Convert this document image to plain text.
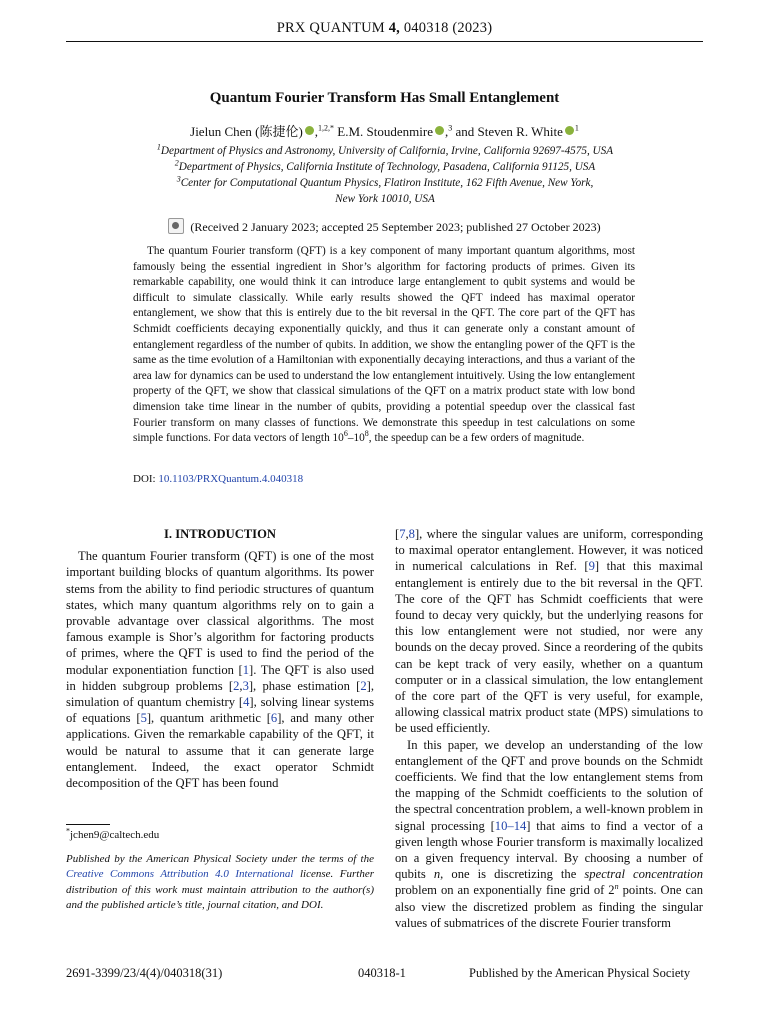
PRX QUANTUM 4, 040318 (2023)
Quantum Fourier Transform Has Small Entanglement
Jielun Chen (陈捷伦) ,$^{1,2,*}$ E.M. Stoudenmire ,$^3$ and Steven R. White $^1$
$^1$Department of Physics and Astronomy, University of California, Irvine, California 92697-4575, USA
$^2$Department of Physics, California Institute of Technology, Pasadena, California 91125, USA
$^3$Center for Computational Quantum Physics, Flatiron Institute, 162 Fifth Avenue, New York,
New York 10010, USA
(Received 2 January 2023; accepted 25 September 2023; published 27 October 2023)

The quantum Fourier transform (QFT) is a key component of many important quantum algorithms, most famously being the essential ingredient in Shor’s algorithm for factoring products of primes. Given its remarkable capability, one would think it can introduce large entanglement to qubit systems and would be difficult to simulate classically. While early results showed the QFT indeed has maximal operator entanglement, we show that this is entirely due to the bit reversal in the QFT. The core part of the QFT has Schmidt coefficients decaying exponentially quickly, and thus it can generate only a constant amount of entanglement regardless of the number of qubits. In addition, we show the entangling power of the QFT is the same as the time evolution of a Hamiltonian with exponentially decaying interactions, and thus a variant of the area law for dynamics can be used to understand the low entanglement intuitively. Using the low entanglement property of the QFT, we show that classical simulations of the QFT on a matrix product state with low bond dimension take time linear in the number of qubits, providing a potential speedup over the classical fast Fourier transform on many classes of functions. We demonstrate this speedup in test calculations on some simple functions. For data vectors of length $10^6-10^8$, the speedup can be a few orders of magnitude.

DOI: 10.1103/PRXQuantum.4.040318
I. INTRODUCTION

The quantum Fourier transform (QFT) is one of the most important building blocks of quantum algorithms. Its power stems from the ability to find periodic structures of quantum states, which many quantum algorithms rely on to gain a provable advantage over classical algorithms. The most famous example is Shor’s algorithm for factoring products of primes, where the QFT is used to find the period of the modular exponentiation function [1]. The QFT is also used in hidden subgroup problems [2,3], phase estimation [2], simulation of quantum chemistry [4], solving linear systems of equations [5], quantum arithmetic [6], and many other applications. Given the remarkable capability of the QFT, it would be natural to assume that it can generate large entanglement. Indeed, the exact operator Schmidt decomposition of the QFT has been found

[7,8], where the singular values are uniform, corresponding to maximal operator entanglement. However, it was noticed in numerical calculations in Ref. [9] that this maximal entanglement is entirely due to the bit reversal in the QFT. The core of the QFT has Schmidt coefficients that were found to decay very quickly, but the underlying reasons for this low entanglement were not studied, nor were any bounds on the decay proved. Since a reordering of the qubits can be kept track of very easily, whether on a quantum computer or in a classical simulation, the low entanglement of the core part of the QFT is very useful, for example, allowing classical matrix product state (MPS) simulations to be used efficiently.

In this paper, we develop an understanding of the low entanglement of the QFT and prove bounds on the Schmidt coefficients. We find that the low entanglement stems from the mapping of the Schmidt coefficients to the solution of the spectral concentration problem, a well-known problem in signal processing [10–14] that aims to find a vector of a given length whose Fourier transform is maximally localized on a given frequency interval. By choosing a number of qubits n, one is discretizing the spectral concentration problem on an exponentially fine grid of 2$^n$ points. One can also view the discretized problem as finding the singular values of submatrices of the discrete Fourier transform

*jchen9@caltech.edu
Published by the American Physical Society under the terms of the Creative Commons Attribution 4.0 International license. Further distribution of this work must maintain attribution to the author(s) and the published article’s title, journal citation, and DOI.
2691-3399/23/4(4)/040318(31)	040318-1	Published by the American Physical Society
